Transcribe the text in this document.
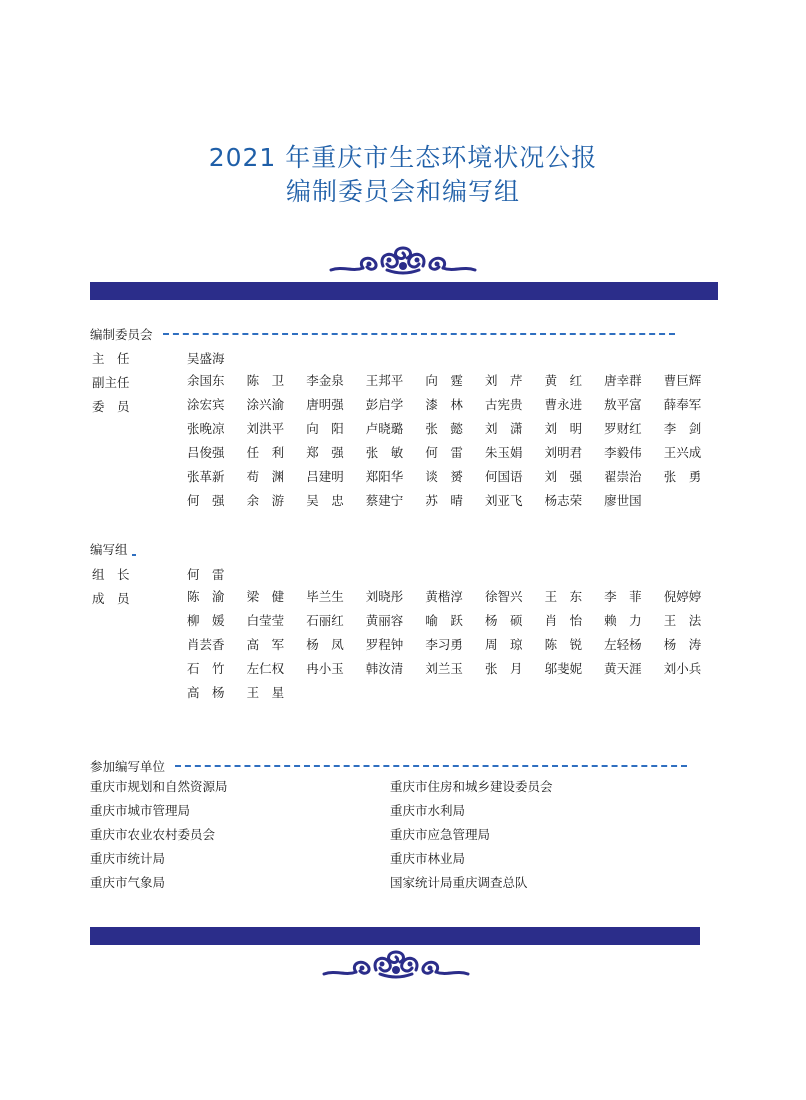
2021 年重庆市生态环境状况公报
编制委员会和编写组
编制委员会
主　任	吴盛海
副主任	余国东	陈　卫	李金泉	王邦平	向　霆	刘　芹	黄　红	唐幸群	曹巨辉
委　员	涂宏宾	涂兴渝	唐明强	彭启学	漆　林	古宪贵	曹永进	敖平富	薛奉军
张晚凉	刘洪平	向　阳	卢晓璐	张　懿	刘　潇	刘　明	罗财红	李　剑
吕俊强	任　利	郑　强	张　敏	何　雷	朱玉娟	刘明君	李毅伟	王兴成
张革新	苟　渊	吕建明	郑阳华	谈　赟	何国语	刘　强	翟崇治	张　勇
何　强	余　游	吴　忠	蔡建宁	苏　晴	刘亚飞	杨志荣	廖世国
编写组
组　长	何　雷
成　员	陈　渝	梁　健	毕兰生	刘晓彤	黄楷淳	徐智兴	王　东	李　菲	倪婷婷
柳　媛	白莹莹	石丽红	黄丽容	喻　跃	杨　硕	肖　怡	赖　力	王　法
肖芸香	高　军	杨　凤	罗程钟	李习勇	周　琼	陈　锐	左轻杨	杨　涛
石　竹	左仁权	冉小玉	韩汝清	刘兰玉	张　月	邬斐妮	黄天涯	刘小兵
高　杨	王　星
参加编写单位
重庆市规划和自然资源局
重庆市城市管理局
重庆市农业农村委员会
重庆市统计局
重庆市气象局
重庆市住房和城乡建设委员会
重庆市水利局
重庆市应急管理局
重庆市林业局
国家统计局重庆调查总队
